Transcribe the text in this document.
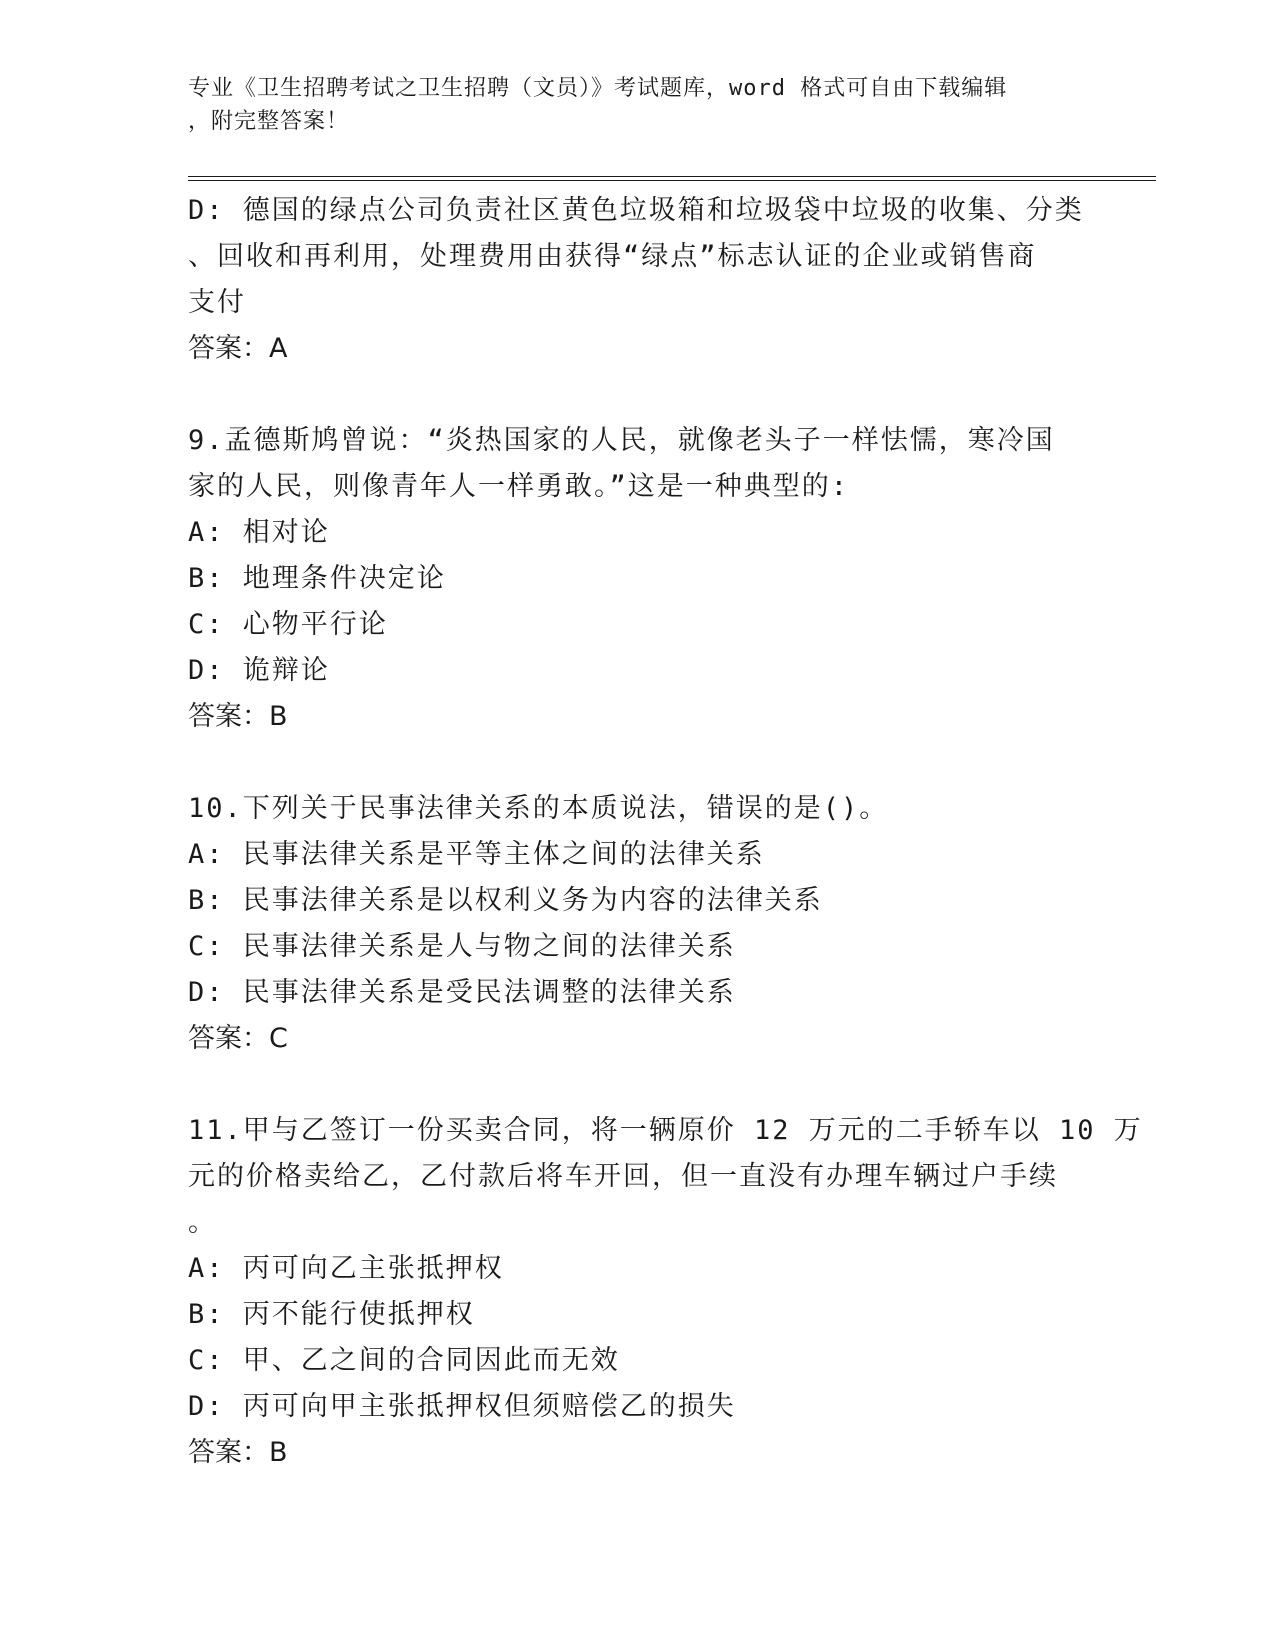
专业《卫生招聘考试之卫生招聘（文员）》考试题库，word 格式可自由下载编辑
，附完整答案！
D: 德国的绿点公司负责社区黄色垃圾箱和垃圾袋中垃圾的收集、分类
、回收和再利用，处理费用由获得“绿点”标志认证的企业或销售商
支付
答案：A
9.孟德斯鸠曾说：“炎热国家的人民，就像老头子一样怯懦，寒冷国
家的人民，则像青年人一样勇敢。”这是一种典型的:
A: 相对论
B: 地理条件决定论
C: 心物平行论
D: 诡辩论
答案：B
10.下列关于民事法律关系的本质说法，错误的是()。
A: 民事法律关系是平等主体之间的法律关系
B: 民事法律关系是以权利义务为内容的法律关系
C: 民事法律关系是人与物之间的法律关系
D: 民事法律关系是受民法调整的法律关系
答案：C
11.甲与乙签订一份买卖合同，将一辆原价 12 万元的二手轿车以 10 万
元的价格卖给乙，乙付款后将车开回，但一直没有办理车辆过户手续
。
A: 丙可向乙主张抵押权
B: 丙不能行使抵押权
C: 甲、乙之间的合同因此而无效
D: 丙可向甲主张抵押权但须赔偿乙的损失
答案：B
